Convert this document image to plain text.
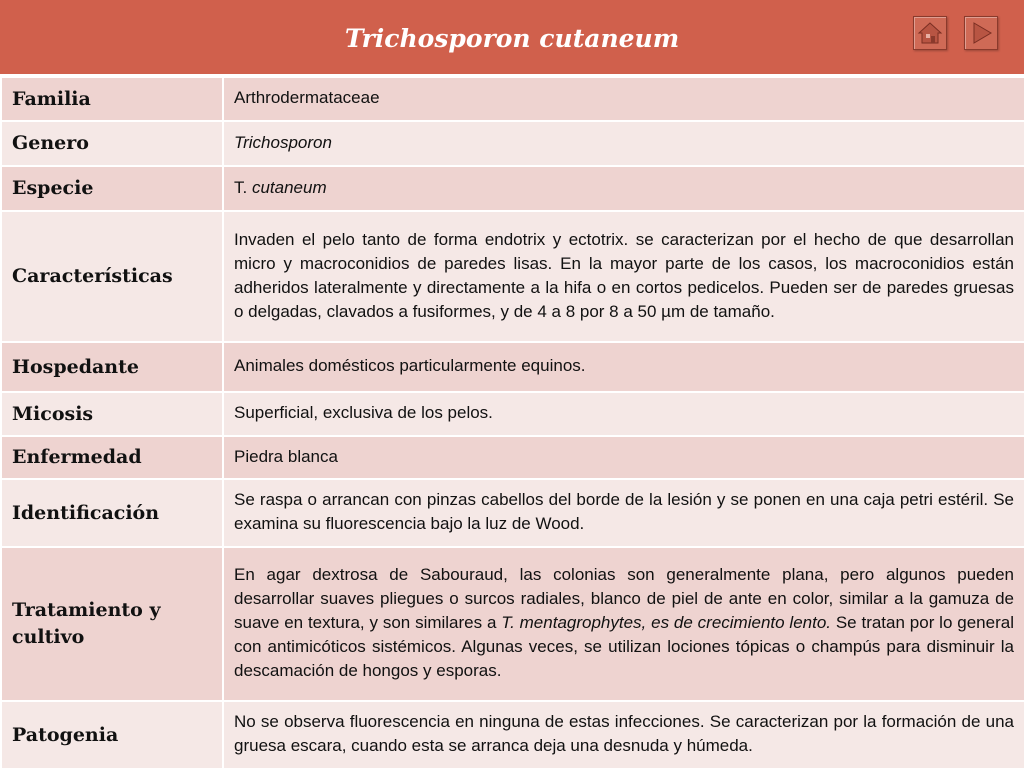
Trichosporon cutaneum
Familia	Arthrodermataceae
Genero	Trichosporon
Especie	T. cutaneum
Características	Invaden el pelo tanto de forma endotrix y ectotrix. se caracterizan por el hecho de que desarrollan micro y macroconidios de paredes lisas. En la mayor parte de los casos, los macroconidios están adheridos lateralmente y directamente a la hifa o en cortos pedicelos. Pueden ser de paredes gruesas o delgadas, clavados a fusiformes, y de 4 a 8 por 8 a 50 µm de tamaño.
Hospedante	Animales domésticos particularmente equinos.
Micosis	Superficial, exclusiva de los pelos.
Enfermedad	Piedra blanca
Identificación	Se raspa o arrancan con pinzas cabellos del borde de la lesión y se ponen en una caja petri estéril. Se examina su fluorescencia bajo la luz de Wood.
Tratamiento y cultivo	En agar dextrosa de Sabouraud, las colonias son generalmente plana, pero algunos pueden desarrollar suaves pliegues o surcos radiales, blanco de piel de ante en color, similar a la gamuza de suave en textura, y son similares a T. mentagrophytes, es de crecimiento lento. Se tratan por lo general con antimicóticos sistémicos. Algunas veces, se utilizan lociones tópicas o champús para disminuir la descamación de hongos y esporas.
Patogenia	No se observa fluorescencia en ninguna de estas infecciones. Se caracterizan por la formación de una gruesa escara, cuando esta se arranca deja una desnuda y húmeda.
